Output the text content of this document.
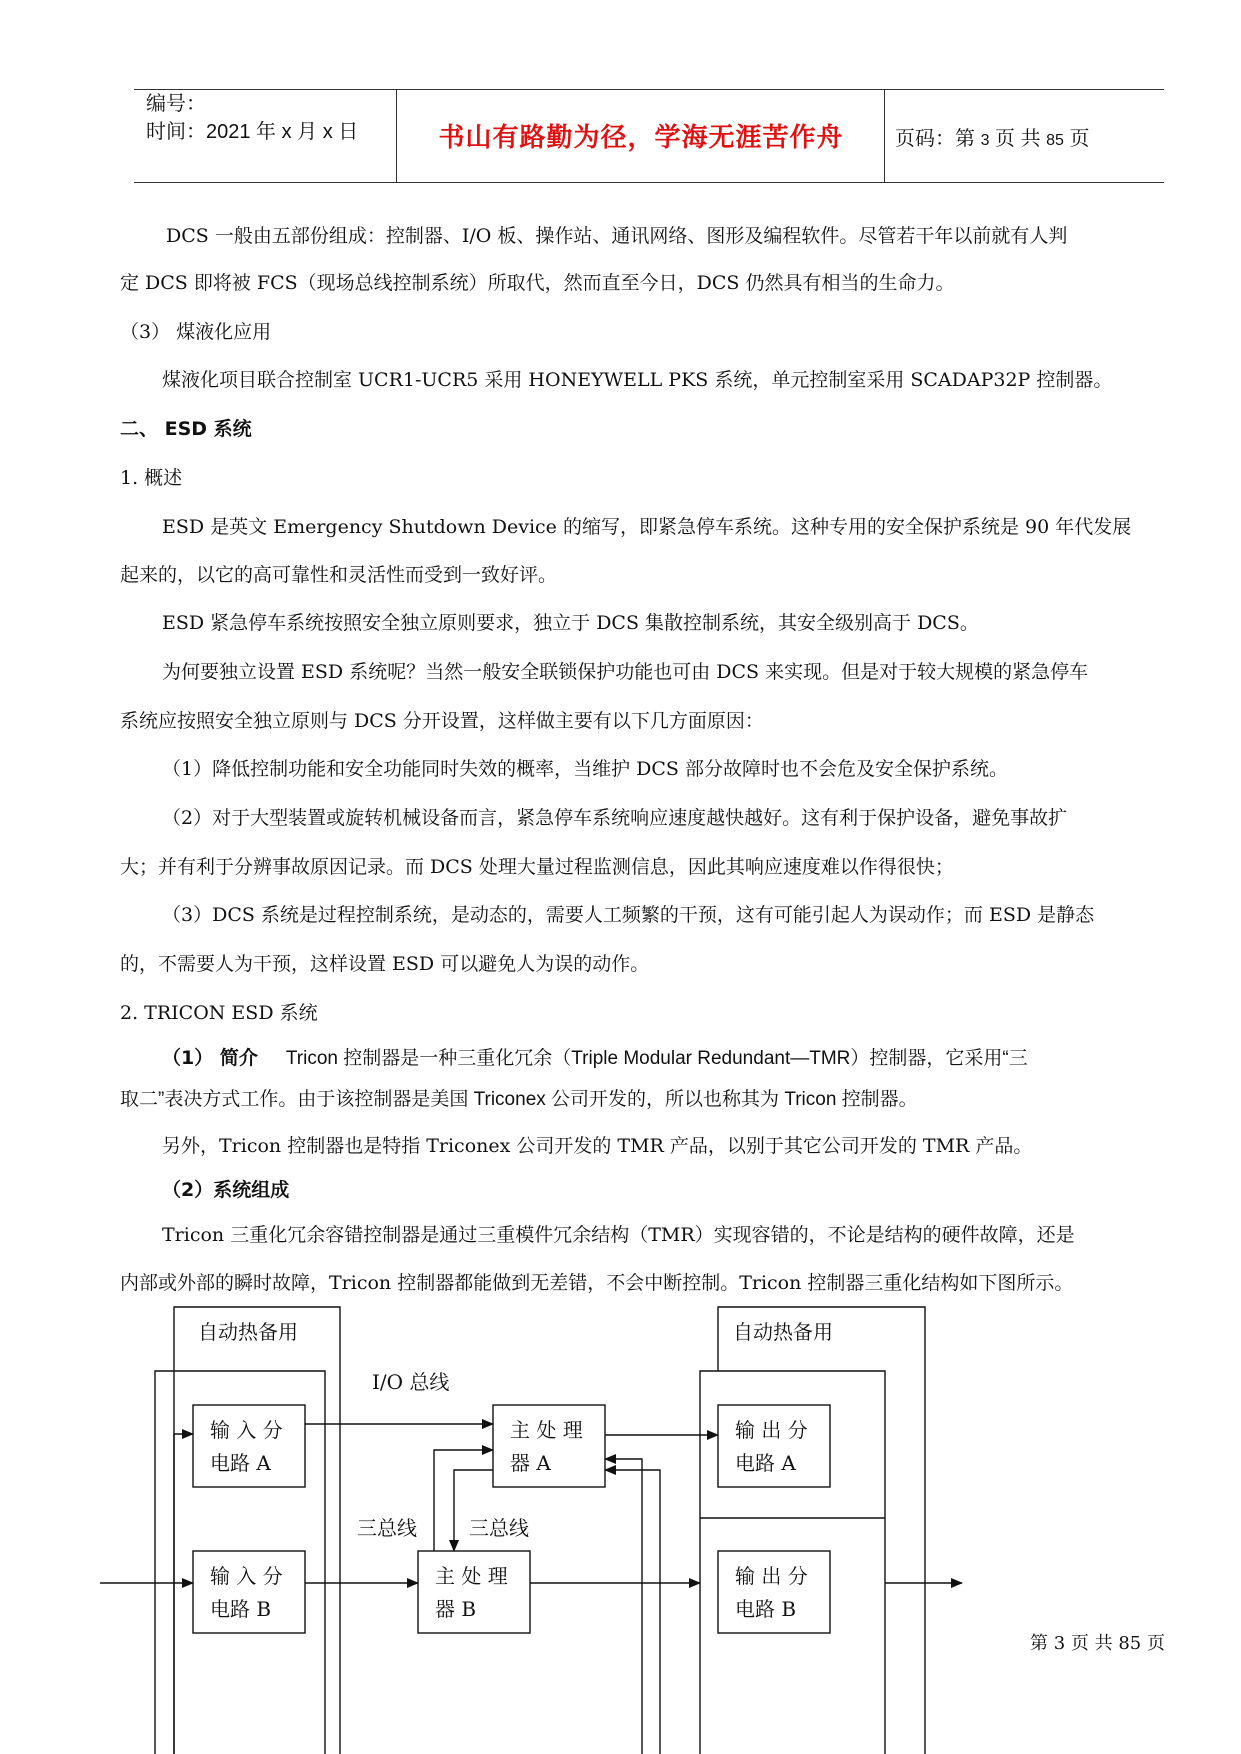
编号：
时间：2021 年 x 月 x 日	书山有路勤为径，学海无涯苦作舟	页码：第 3 页 共 85 页
DCS 一般由五部份组成：控制器、I/O 板、操作站、通讯网络、图形及编程软件。尽管若干年以前就有人判
定 DCS 即将被 FCS（现场总线控制系统）所取代，然而直至今日，DCS 仍然具有相当的生命力。
（3） 煤液化应用
煤液化项目联合控制室 UCR1-UCR5 采用 HONEYWELL PKS 系统，单元控制室采用 SCADAP32P 控制器。
二、 ESD 系统
1. 概述
ESD 是英文 Emergency Shutdown Device 的缩写，即紧急停车系统。这种专用的安全保护系统是 90 年代发展
起来的，以它的高可靠性和灵活性而受到一致好评。
ESD 紧急停车系统按照安全独立原则要求，独立于 DCS 集散控制系统，其安全级别高于 DCS。
为何要独立设置 ESD 系统呢？当然一般安全联锁保护功能也可由 DCS 来实现。但是对于较大规模的紧急停车
系统应按照安全独立原则与 DCS 分开设置，这样做主要有以下几方面原因：
（1）降低控制功能和安全功能同时失效的概率，当维护 DCS 部分故障时也不会危及安全保护系统。
（2）对于大型装置或旋转机械设备而言，紧急停车系统响应速度越快越好。这有利于保护设备，避免事故扩
大；并有利于分辨事故原因记录。而 DCS 处理大量过程监测信息，因此其响应速度难以作得很快；
（3）DCS 系统是过程控制系统，是动态的，需要人工频繁的干预，这有可能引起人为误动作；而 ESD 是静态
的，不需要人为干预，这样设置 ESD 可以避免人为误的动作。
2. TRICON ESD 系统
（1） 简介 Tricon 控制器是一种三重化冗余（Triple Modular Redundant—TMR）控制器，它采用“三
取二”表决方式工作。由于该控制器是美国 Triconex 公司开发的，所以也称其为 Tricon 控制器。
另外，Tricon 控制器也是特指 Triconex 公司开发的 TMR 产品，以别于其它公司开发的 TMR 产品。
（2）系统组成
Tricon 三重化冗余容错控制器是通过三重模件冗余结构（TMR）实现容错的，不论是结构的硬件故障，还是
内部或外部的瞬时故障，Tricon 控制器都能做到无差错，不会中断控制。Tricon 控制器三重化结构如下图所示。
自动热备用	自动热备用
I/O 总线
三总线	三总线
输 入 分
电路 A
输 入 分
电路 B
主 处 理
器 A
主 处 理
器 B
输 出 分
电路 A
输 出 分
电路 B
第 3 页 共 85 页
